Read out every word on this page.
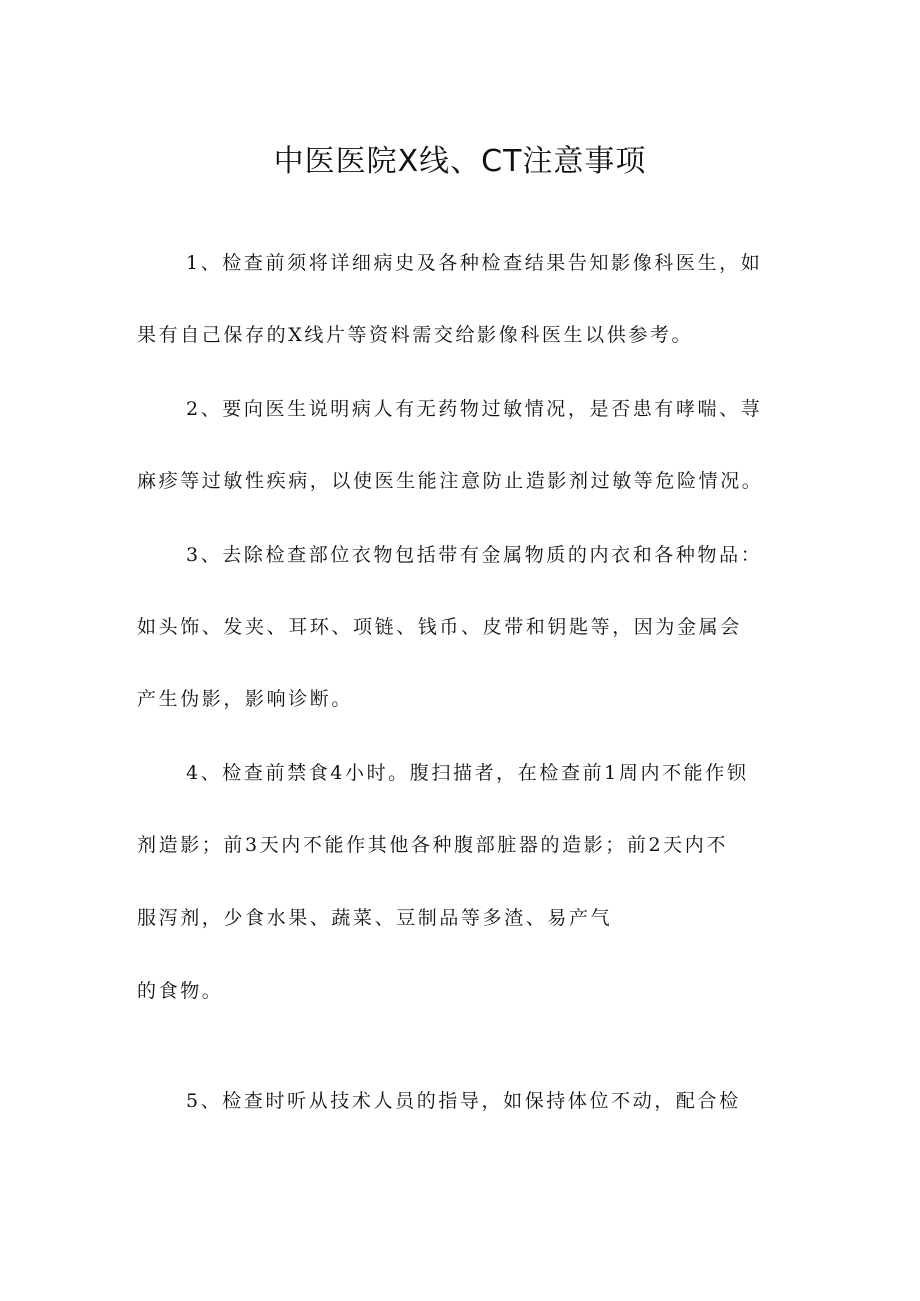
中医医院X线、CT注意事项
1、检查前须将详细病史及各种检查结果告知影像科医生，如
果有自己保存的X线片等资料需交给影像科医生以供参考。
2、要向医生说明病人有无药物过敏情况，是否患有哮喘、荨
麻疹等过敏性疾病，以使医生能注意防止造影剂过敏等危险情况。
3、去除检查部位衣物包括带有金属物质的内衣和各种物品：
如头饰、发夹、耳环、项链、钱币、皮带和钥匙等，因为金属会
产生伪影，影响诊断。
4、检查前禁食4小时。腹扫描者，在检查前1周内不能作钡
剂造影；前3天内不能作其他各种腹部脏器的造影；前2天内不
服泻剂，少食水果、蔬菜、豆制品等多渣、易产气
的食物。
5、检查时听从技术人员的指导，如保持体位不动，配合检
